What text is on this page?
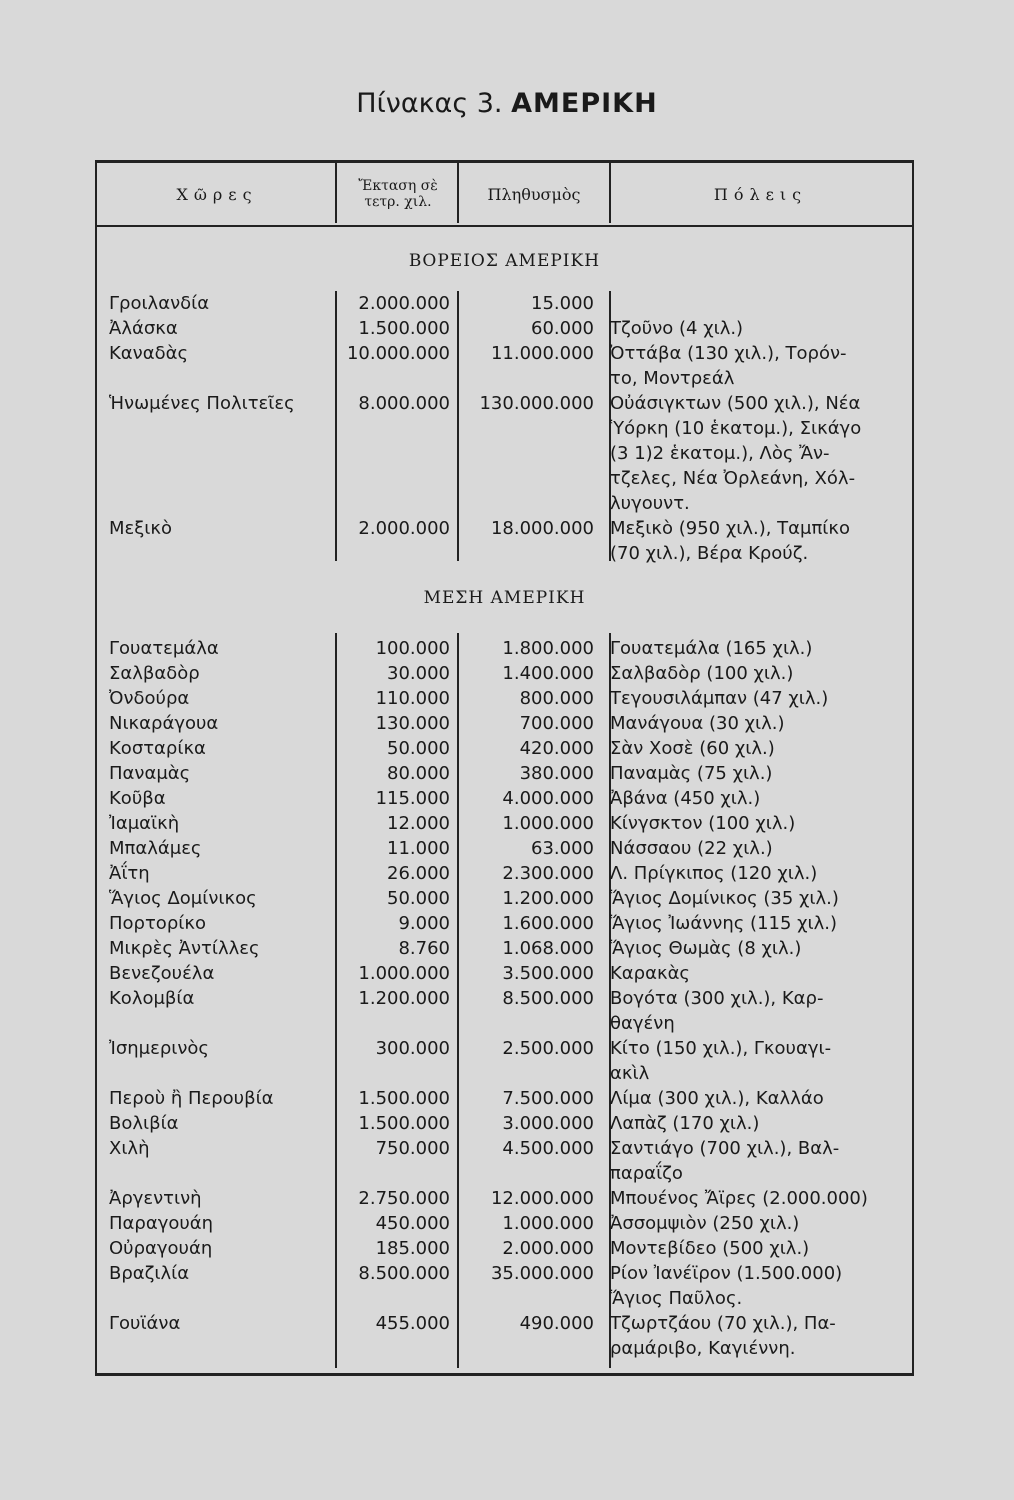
Πίνακας 3. ΑΜΕΡΙΚΗ
Χῶρες	Ἔκταση σὲ τετρ. χιλ.	Πληθυσμὸς	Πόλεις
ΒΟΡΕΙΟΣ ΑΜΕΡΙΚΗ
Γροιλανδία	2.000.000	15.000
Ἀλάσκα	1.500.000	60.000 Τζοῦνο (4 χιλ.)
Καναδὰς	10.000.000 11.000.000 Ὀττάβα (130 χιλ.), Τορόν-
το, Μοντρεάλ
Ἡνωμένες Πολιτεῖες	8.000.000 130.000.000 Οὐάσιγκτων (500 χιλ.), Νέα
Ὑόρκη (10 ἑκατομ.), Σικάγο
(3 1)2 ἑκατομ.), Λὸς Ἄν-
τζελες, Νέα Ὀρλεάνη, Χόλ-
λυγουντ.
Μεξικὸ	2.000.000 18.000.000 Μεξικὸ (950 χιλ.), Ταμπίκο
(70 χιλ.), Βέρα Κρούζ.
ΜΕΣΗ ΑΜΕΡΙΚΗ
Γουατεμάλα	100.000	1.800.000 Γουατεμάλα (165 χιλ.)
Σαλβαδὸρ	30.000	1.400.000 Σαλβαδὸρ (100 χιλ.)
Ὀνδούρα	110.000	800.000 Τεγουσιλάμπαν (47 χιλ.)
Νικαράγουα	130.000	700.000 Μανάγουα (30 χιλ.)
Κοσταρίκα	50.000	420.000 Σὰν Χοσὲ (60 χιλ.)
Παναμὰς	80.000	380.000 Παναμὰς (75 χιλ.)
Κοῦβα	115.000	4.000.000 Ἀβάνα (450 χιλ.)
Ἰαμαϊκὴ	12.000	1.000.000 Κίνγσκτον (100 χιλ.)
Μπαλάμες	11.000	63.000 Νάσσαου (22 χιλ.)
Ἀΐτη	26.000	2.300.000 Λ. Πρίγκιπος (120 χιλ.)
Ἅγιος Δομίνικος	50.000	1.200.000 Ἅγιος Δομίνικος (35 χιλ.)
Πορτορίκο	9.000	1.600.000 Ἅγιος Ἰωάννης (115 χιλ.)
Μικρὲς Ἀντίλλες	8.760	1.068.000 Ἅγιος Θωμὰς (8 χιλ.)
Βενεζουέλα	1.000.000	3.500.000 Καρακὰς
Κολομβία	1.200.000	8.500.000 Βογότα (300 χιλ.), Καρ-
θαγένη
Ἰσημερινὸς	300.000	2.500.000 Κίτο (150 χιλ.), Γκουαγι-
ακὶλ
Περοὺ ἢ Περουβία	1.500.000	7.500.000 Λίμα (300 χιλ.), Καλλάο
Βολιβία	1.500.000	3.000.000 Λαπὰζ (170 χιλ.)
Χιλὴ	750.000	4.500.000 Σαντιάγο (700 χιλ.), Βαλ-
παραΐζο
Ἀργεντινὴ	2.750.000 12.000.000 Μπουένος Ἄϊρες (2.000.000)
Παραγουάη	450.000	1.000.000 Ἀσσομψιὸν (250 χιλ.)
Οὐραγουάη	185.000	2.000.000 Μοντεβίδεο (500 χιλ.)
Βραζιλία	8.500.000 35.000.000 Ρίον Ἰανέϊρον (1.500.000)
Ἅγιος Παῦλος.
Γουϊάνα	455.000	490.000 Τζωρτζάου (70 χιλ.), Πα-
ραμάριβο, Καγιέννη.
